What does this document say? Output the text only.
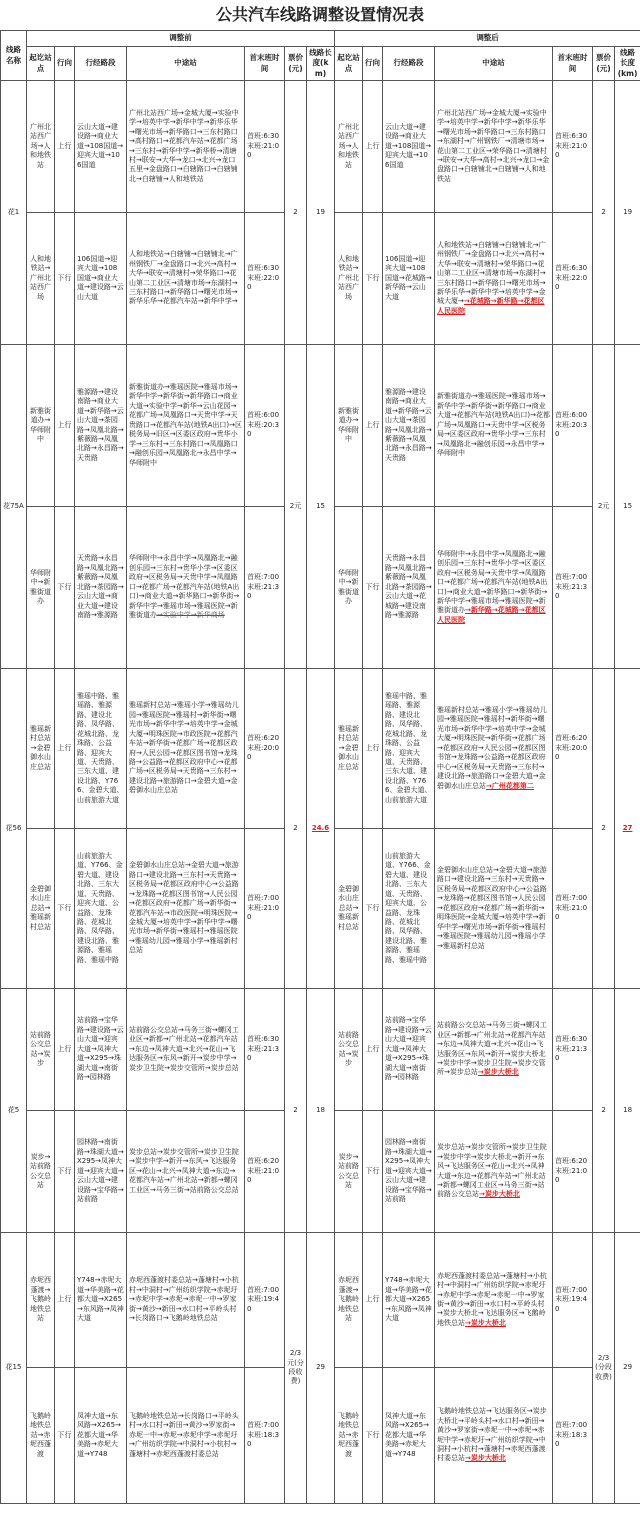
公共汽车线路调整设置情况表
线路名称	调整前							调整后						
	起讫站点	行向	行经路段	中途站	首末班时间	票价(元)	线路长度(km)	起讫站点	行向	行经路段	中途站	首末班时间	票价(元)	线路长度(km)
花1	广州北站西广场→人和地铁站	上行	云山大道→建设路→商业大道→108国道→迎宾大道→106国道	广州北站西广场→金城大厦→实验中学→培英中学→新华中学→新华乐华→曙光市场→新华路口→三东村路口→高村路口→花都汽车站→花都广场→三东村→新华中学→新华桥→清塘村→联安→大华→龙口→北兴→龙口五里→金盘路口→白辖路口→白辖铺北→白辖铺→人和地铁站	首班:6:30 末班:21:00	2	19	广州北站西广场→人和地铁站	上行	云山大道→建设路→商业大道→108国道→迎宾大道→106国道	广州北站西广场→金城大厦→实验中学→培英中学→新华中学→新华乐华→曙光市场→新华路口→三东村路口→东湖村→广州钢铁厂→清塘市场→花山第二工业区→荣华路口→清塘村→联安→大华→高村→北兴→龙口→金盘路口→白辖铺北→白辖铺→人和地铁站	首班:6:30 末班:21:00	2	19
	人和地铁站→广州北站西广场	下行	106国道→迎宾大道→108国道→商业大道→建设路→云山大道	人和地铁站→白辖铺→白辖铺北→广州钢铁厂→金盘路口→北兴→高村→大华→联安→清塘村→荣华路口→花山第二工业区→清塘市场→东湖村→三东村路口→新华路口→曙光市场→新华乐华→花都汽车站→新华中学→	首班:6:30 末班:22:00			人和地铁站→广州北站西广场	下行	106国道→迎宾大道→108国道→花城路→新华路→云山大道	人和地铁站→白辖铺→白辖铺北→广州钢铁厂→金盘路口→北兴→高村→大华→联安→清塘村→荣华路口→花山第二工业区→清塘市场→东湖村→三东村路口→新华路口→曙光市场→新华乐华→新华中学→培英中学→金城大厦→→花城路→新华路→花都区人民医院	首班:6:30 末班:22:00		
花75A	新雅街道办→华师附中	上行	雅源路→建设南路→商业大道→新华路→云山大道→茶园路→凤凰北路→紫薇路→凤凰北路→永昌路→天贵路	新雅街道办→雅瑶医院→雅瑶市场→新华中学→新华街→新华路口→商业大道→实验中学→新华→云山花园→花都广场→凤凰路口→天贵中学→天贵路口→花都汽车站(地铁A出口)→区税务局→旧区→区委区政府→贵华小学→三东村→三东村路口→凤凰路口→融创乐园→凤凰路北→永昌中学→华师附中	首班:6:00 末班:20:30	2元	15	新雅街道办→华师附中	上行	雅源路→建设南路→商业大道→新华路→云山大道→茶园路→凤凰北路→紫薇路→凤凰北路→永昌路→天贵路	新雅街道办→雅瑶医院→雅瑶市场→新华中学→新华街→新华路口→商业大道→花都汽车站(地铁A出口)→花都广场→凤凰路口→天贵中学→区税务局→区委区政府→贵华小学→三东村→凤凰路北→融创乐园→永昌中学→华师附中	首班:6:00 末班:20:30	2元	15
	华师附中→新雅街道办	下行	天贵路→永昌路→凤凰北路→紫薇路→凤凰北路→茶园路→云山大道→商业大道→建设南路→雅源路	华师附中→永昌中学→凤凰路北→融创乐园→三东村→贵华小学→区委区政府→区税务局→天贵中学→凤凰路口→花都广场→花都汽车站(地铁A出口)→商业大道→新华路口→新华街→新华中学→雅瑶市场→雅瑶医院→新雅街道办→实验中学→新华商场	首班:7:00 末班:21:30			华师附中→新雅街道办	下行	天贵路→永昌路→凤凰北路→紫薇路→凤凰北路→茶园路→云山大道→花城路→建设南路→雅源路	华师附中→永昌中学→凤凰路北→融创乐园→三东村→贵华小学→区委区政府→区税务局→天贵中学→凤凰路口→花都广场→花都汽车站(地铁A出口)→商业大道→新华路口→新华街→新华中学→雅瑶市场→雅瑶医院→新雅街道办→新华路→花城路→花都区人民医院	首班:7:00 末班:21:30		
花56	雅瑶新村总站→金碧御水山庄总站	上行	雅瑶中路、雅瑶路、雅源路、建设北路、凤华路、花城北路、龙珠路、公益路、迎宾大道、天贵路、三东大道、建设北路、Y766、金碧大道、山前旅游大道	雅瑶新村总站→雅瑶小学→雅瑶幼儿园→雅瑶医院→雅瑶村→新华街→曙光市场→新华中学→培英中学→金城大厦→明珠医院→市政医院→花都汽车站→新华街→花都广场→花都区政府→人民公园→花都区图书馆→龙珠路→公益路→花都区政府中心→花都广场→区税务局→天贵路→三东村→建设北路→旅游路口→金碧大道→金碧御水山庄总站	首班:6:20 末班:20:00	2	24.6	雅瑶新村总站→金碧御水山庄总站	上行	雅瑶中路、雅瑶路、雅源路、建设北路、凤华路、花城北路、龙珠路、公益路、迎宾大道、天贵路、三东大道、建设北路、Y766、金碧大道、山前旅游大道	雅瑶新村总站→雅瑶小学→雅瑶幼儿园→雅瑶医院→雅瑶村→新华街→曙光市场→新华中学→培英中学→金城大厦→明珠医院→新华街→花都广场→花都区政府→人民公园→花都区图书馆→龙珠路→公益路→花都区政府中心→区税务局→天贵路→三东村→建设北路→旅游路口→金碧大道→金碧御水山庄总站→广州花都第二	首班:6:20 末班:20:00	2	27
	金碧御水山庄总站→雅瑶新村总站	下行	山前旅游大道、Y766、金碧大道、建设北路、三东大道、天贵路、迎宾大道、公益路、龙珠路、花城北路、凤华路、建设北路、雅源路、雅瑶路、雅瑶中路	金碧御水山庄总站→金碧大道→旅游路口→建设北路→三东村→天贵路→区税务局→花都区政府中心→公益路→龙珠路→花都区图书馆→人民公园→花都区政府→花都广场→新华街→花都汽车站→市政医院→明珠医院→金城大厦→培英中学→新华中学→曙光市场→新华街→雅瑶村→雅瑶医院→雅瑶幼儿园→雅瑶小学→雅瑶新村总站	首班:7:00 末班:21:00			金碧御水山庄总站→雅瑶新村总站	下行	山前旅游大道、Y766、金碧大道、建设北路、三东大道、天贵路、迎宾大道、公益路、龙珠路、花城北路、凤华路、建设北路、雅源路、雅瑶路、雅瑶中路	金碧御水山庄总站→金碧大道→旅游路口→建设北路→三东村→天贵路→区税务局→花都区政府中心→公益路→龙珠路→花都区图书馆→人民公园→花都区政府→花都广场→新华街→明珠医院→金城大厦→培英中学→新华中学→曙光市场→新华街→雅瑶村→雅瑶医院→雅瑶幼儿园→雅瑶小学→雅瑶新村总站	首班:7:00 末班:21:00		
花5	站前路公交总站→炭步	上行	站前路→宝华路→建设路→云山大道→迎宾大道→凤神大道→X295→珠湖大道→南街路→园林路	站前路公交总站→马务三街→螺冈工业区→新都→广州北站→花都汽车站→东边→凤神大道→北兴→花山→飞达服务区→东风→新开→炭步中学→炭步卫生院→炭步交管所→炭步总站	首班:6:30 末班:21:30	2	18	站前路公交总站→炭步	上行	站前路→宝华路→建设路→云山大道→迎宾大道→凤神大道→X295→珠湖大道→南街路→园林路	站前路公交总站→马务三街→螺冈工业区→新都→广州北站→花都汽车站→东边→凤神大道→北兴→花山→飞达服务区→东风→新开→炭步大桥北→炭步中学→炭步卫生院→炭步交管所→炭步总站→炭步大桥北	首班:6:30 末班:21:30	2	18
	炭步→站前路公交总站	下行	园林路→南街路→珠湖大道→X295→凤神大道→迎宾大道→云山大道→建设路→宝华路→站前路	炭步总站→炭步交管所→炭步卫生院→炭步中学→新开→东风→飞达服务区→花山→北兴→凤神大道→东边→花都汽车站→广州北站→新都→螺冈工业区→马务三街→站前路公交总站	首班:6:20 末班:21:00			炭步→站前路公交总站	下行	园林路→南街路→珠湖大道→X295→凤神大道→迎宾大道→云山大道→建设路→宝华路→站前路	炭步总站→炭步交管所→炭步卫生院→炭步中学→炭步大桥北→新开→东风→飞达服务区→花山→北兴→凤神大道→东边→花都汽车站→广州北站→新都→螺冈工业区→马务三街→站前路公交总站→炭步大桥北	首班:6:20 末班:21:00		
花15	赤坭西蓬渡→飞鹅岭地铁总站	上行	Y748→赤坭大道→华美路→花都大道→X265→东风路→凤神大道	赤坭西蓬渡村委总站→蓬塘村→小杭村→中洞村→广州纺织学院→赤坭圩→赤坭中学→赤坭→赤坭一中→罗家街→黄沙→新田→水口村→平岭头村→长岗路口→飞鹅岭地铁总站	首班:7:00 末班:19:40	2/3元(分段收费)	29	赤坭西蓬渡→飞鹅岭地铁总站	上行	Y748→赤坭大道→华美路→花都大道→X265→东风路→凤神大道	赤坭西蓬渡村委总站→蓬塘村→小杭村→中洞村→广州纺织学院→赤坭圩→赤坭中学→赤坭→赤坭一中→罗家街→黄沙→新田→水口村→平岭头村→炭步大桥北→飞达服务区→飞鹅岭地铁总站→炭步大桥北	首班:7:00 末班:19:40	2/3(分段收费)	29
	飞鹅岭地铁总站→赤坭西蓬渡	下行	凤神大道→东风路→X265→花都大道→华美路→赤坭大道→Y748	飞鹅岭地铁总站→长岗路口→平岭头村→水口村→新田→黄沙→罗家街→赤坭一中→赤坭→赤坭中学→赤坭圩→广州纺织学院→中洞村→小杭村→蓬塘村→赤坭西蓬渡村委总站	首班:7:00 末班:18:30			飞鹅岭地铁总站→赤坭西蓬渡	下行	凤神大道→东风路→X265→花都大道→华美路→赤坭大道→Y748	飞鹅岭地铁总站→飞达服务区→炭步大桥北→平岭头村→水口村→新田→黄沙→罗家街→赤坭一中→赤坭→赤坭中学→赤坭圩→广州纺织学院→中洞村→小杭村→蓬塘村→赤坭西蓬渡村委总站→炭步大桥北	首班:7:00 末班:18:30		
